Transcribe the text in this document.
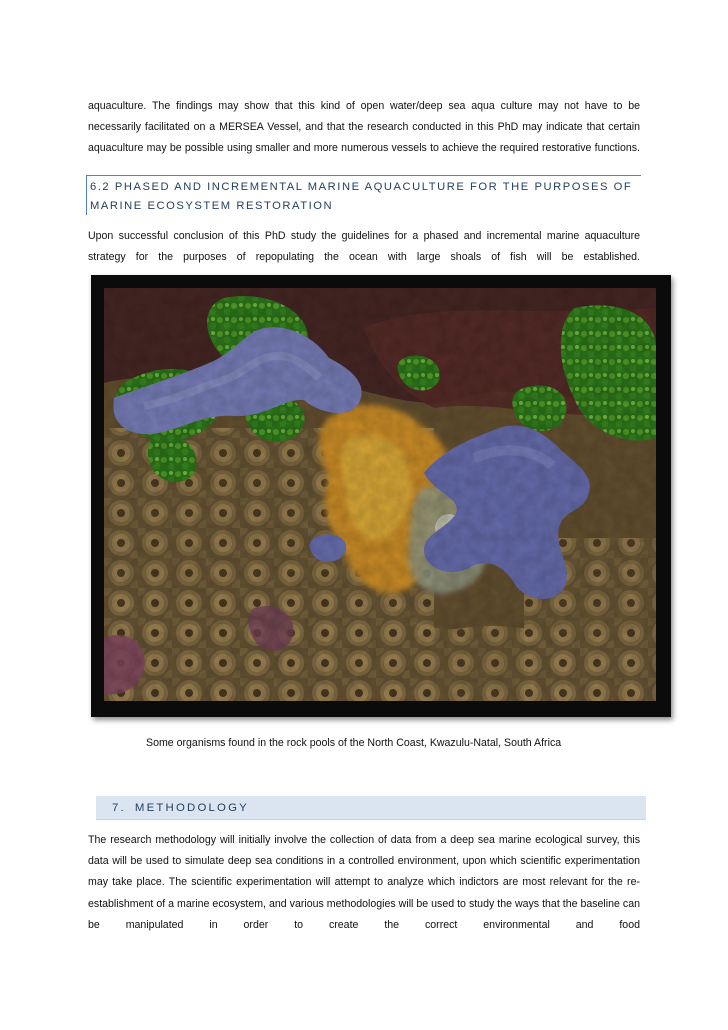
aquaculture. The findings may show that this kind of open water/deep sea aqua culture may not have to be necessarily facilitated on a MERSEA Vessel, and that the research conducted in this PhD may indicate that certain aquaculture may be possible using smaller and more numerous vessels to achieve the required restorative functions.

6.2 PHASED AND INCREMENTAL MARINE AQUACULTURE FOR THE PURPOSES OF MARINE ECOSYSTEM RESTORATION

Upon successful conclusion of this PhD study the guidelines for a phased and incremental marine aquaculture strategy for the purposes of repopulating the ocean with large shoals of fish will be established.

Some organisms found in the rock pools of the North Coast, Kwazulu-Natal, South Africa

7. METHODOLOGY

The research methodology will initially involve the collection of data from a deep sea marine ecological survey, this data will be used to simulate deep sea conditions in a controlled environment, upon which scientific experimentation may take place. The scientific experimentation will attempt to analyze which indictors are most relevant for the re-establishment of a marine ecosystem, and various methodologies will be used to study the ways that the baseline can be manipulated in order to create the correct environmental and food
